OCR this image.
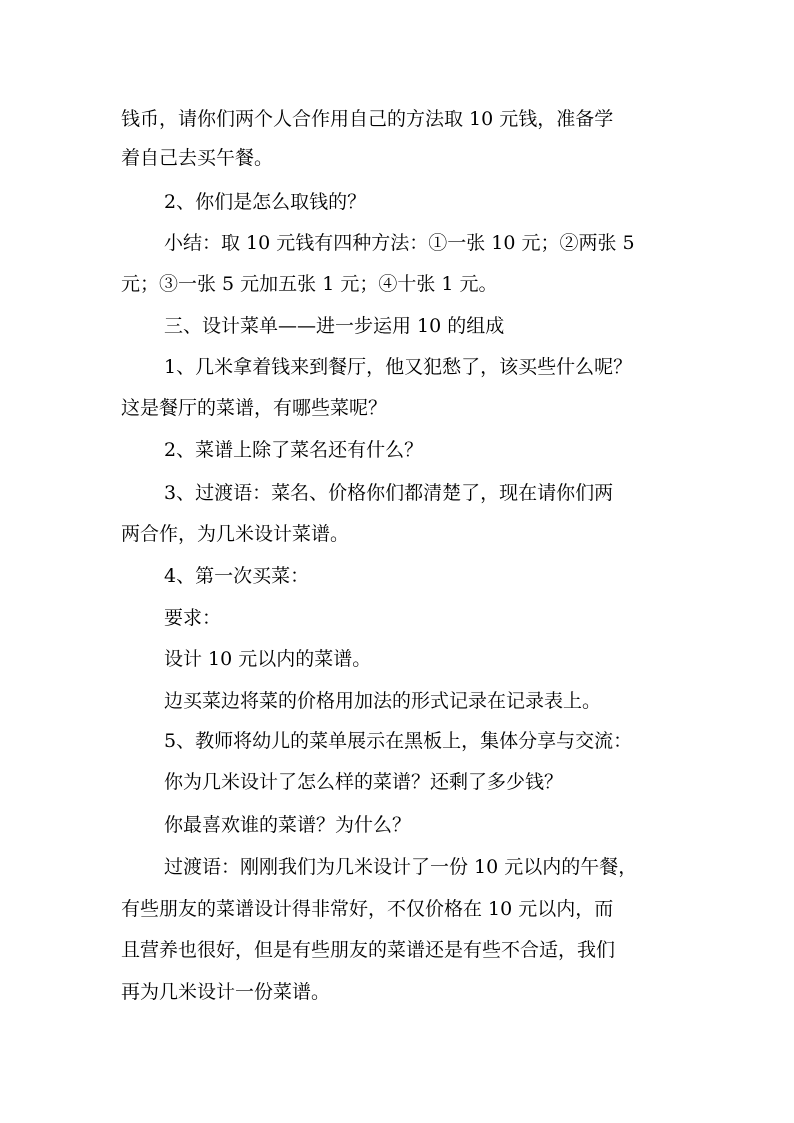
钱币，请你们两个人合作用自己的方法取 10 元钱，准备学
着自己去买午餐。
2、你们是怎么取钱的？
小结：取 10 元钱有四种方法：①一张 10 元；②两张 5
元；③一张 5 元加五张 1 元；④十张 1 元。
三、设计菜单——进一步运用 10 的组成
1、几米拿着钱来到餐厅，他又犯愁了，该买些什么呢？
这是餐厅的菜谱，有哪些菜呢？
2、菜谱上除了菜名还有什么？
3、过渡语：菜名、价格你们都清楚了，现在请你们两
两合作，为几米设计菜谱。
4、第一次买菜：
要求：
设计 10 元以内的菜谱。
边买菜边将菜的价格用加法的形式记录在记录表上。
5、教师将幼儿的菜单展示在黑板上，集体分享与交流：
你为几米设计了怎么样的菜谱？还剩了多少钱？
你最喜欢谁的菜谱？为什么？
过渡语：刚刚我们为几米设计了一份 10 元以内的午餐，
有些朋友的菜谱设计得非常好，不仅价格在 10 元以内，而
且营养也很好，但是有些朋友的菜谱还是有些不合适，我们
再为几米设计一份菜谱。
